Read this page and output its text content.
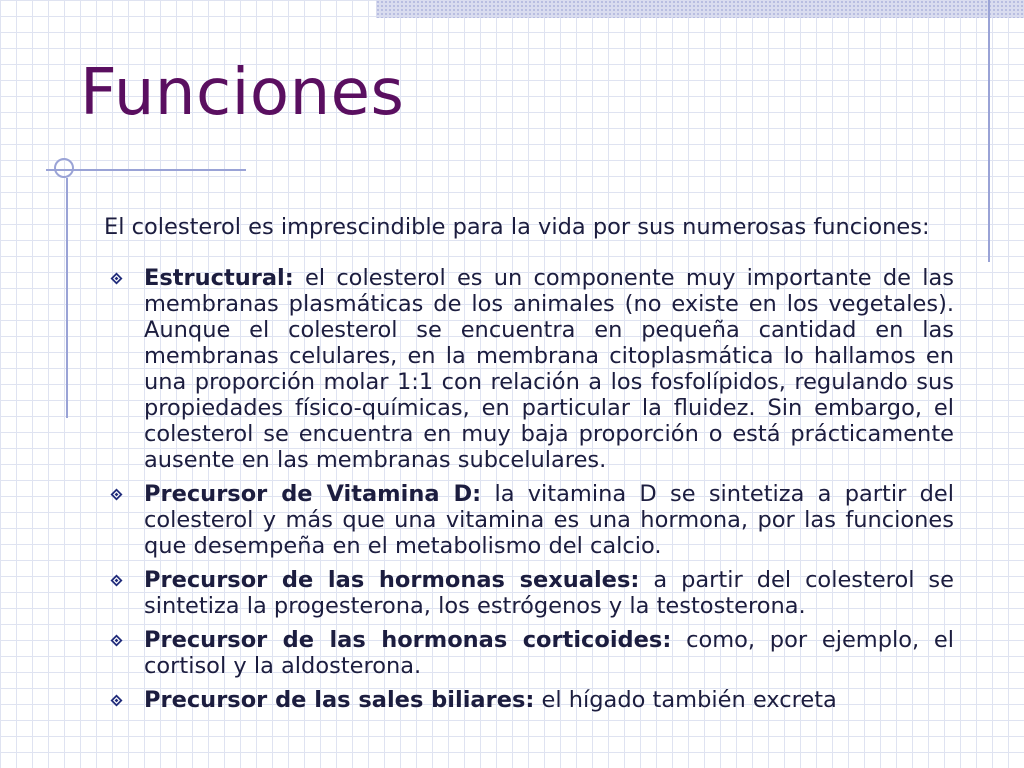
Funciones

El colesterol es imprescindible para la vida por sus numerosas funciones:

Estructural: el colesterol es un componente muy importante de las membranas plasmáticas de los animales (no existe en los vegetales). Aunque el colesterol se encuentra en pequeña cantidad en las membranas celulares, en la membrana citoplasmática lo hallamos en una proporción molar 1:1 con relación a los fosfolípidos, regulando sus propiedades físico-químicas, en particular la fluidez. Sin embargo, el colesterol se encuentra en muy baja proporción o está prácticamente ausente en las membranas subcelulares.
Precursor de Vitamina D: la vitamina D se sintetiza a partir del colesterol y más que una vitamina es una hormona, por las funciones que desempeña en el metabolismo del calcio.
Precursor de las hormonas sexuales: a partir del colesterol se sintetiza la progesterona, los estrógenos y la testosterona.
Precursor de las hormonas corticoides: como, por ejemplo, el cortisol y la aldosterona.
Precursor de las sales biliares: el hígado también excreta
